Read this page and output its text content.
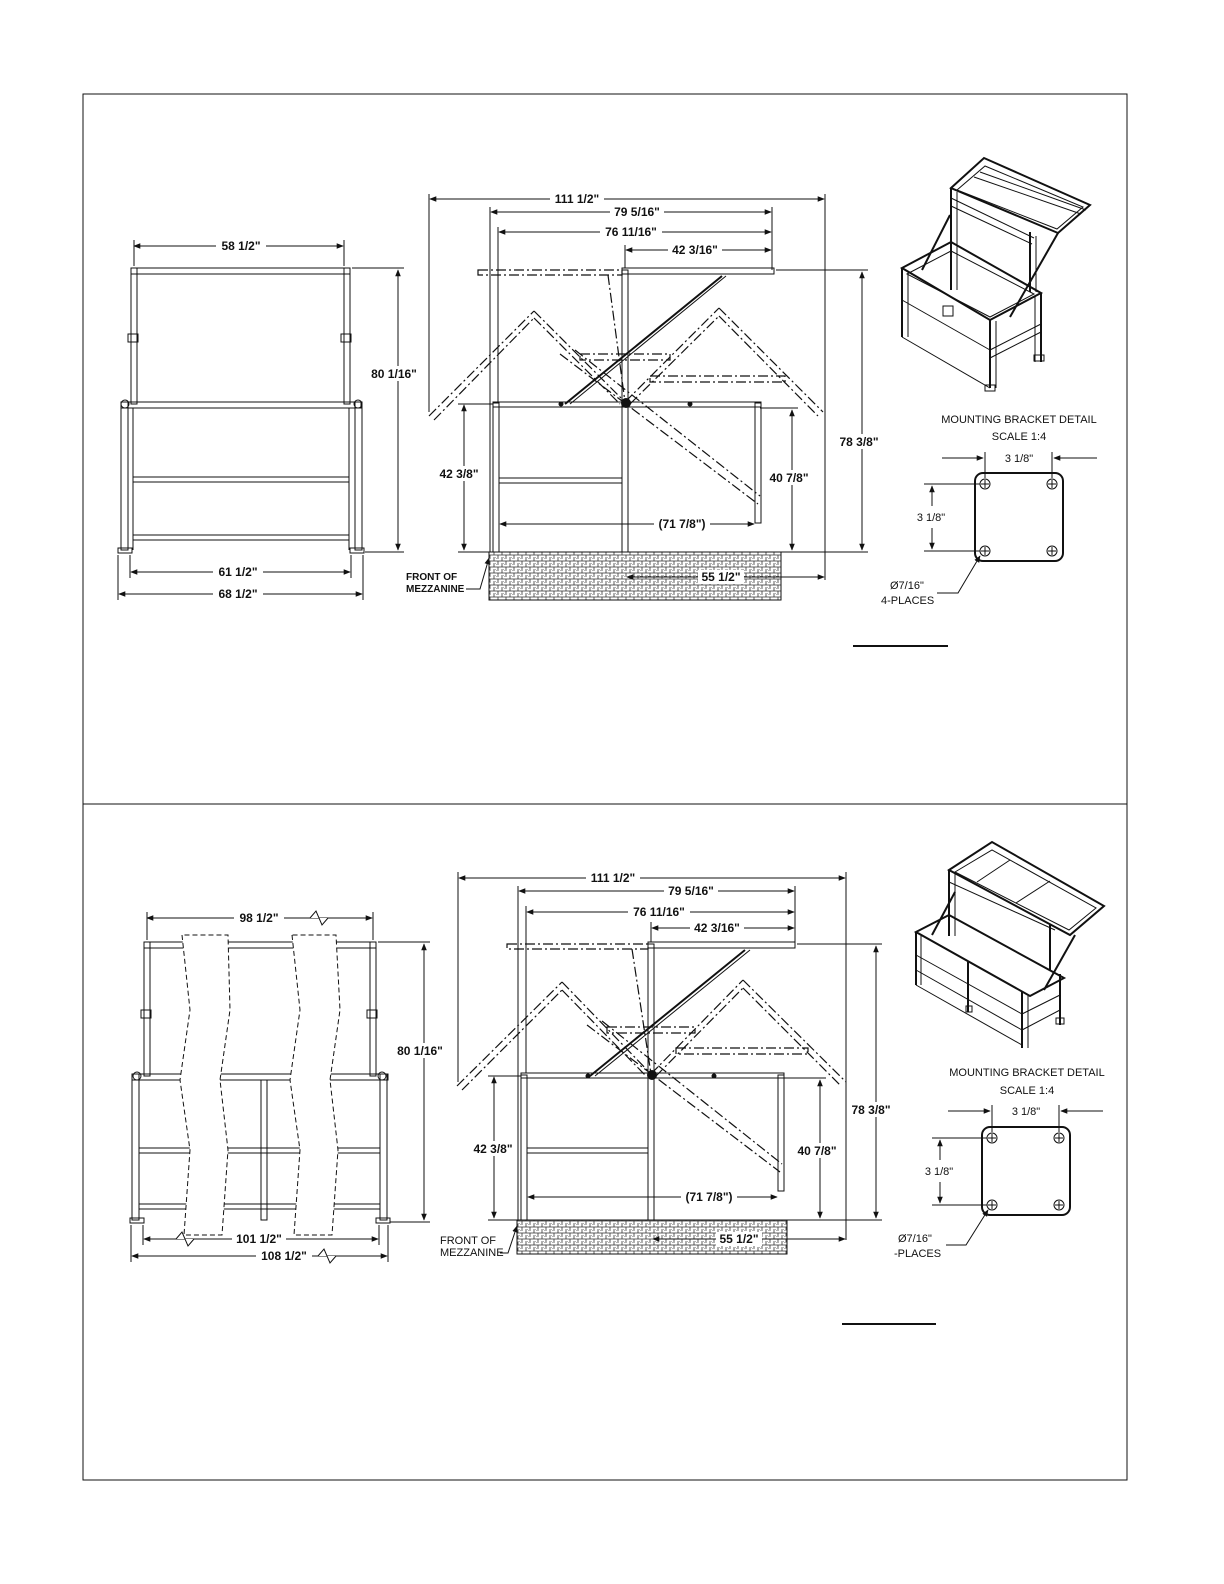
58 1/2"
80 1/16"
61 1/2"
68 1/2"
111 1/2"
79 5/16"
76 11/16"
42 3/16"
42 3/8"	40 7/8"
78 3/8"
(71 7/8")
55 1/2"
FRONT OF
MEZZANINE
MOUNTING BRACKET DETAIL
SCALE 1:4
3 1/8"
3 1/8"
Ø7/16"
4-PLACES
98 1/2"
80 1/16"
101 1/2"
108 1/2"
111 1/2"
79 5/16"
76 11/16"
42 3/16"
42 3/8"	40 7/8"
78 3/8"
(71 7/8")
55 1/2"
FRONT OF
MEZZANINE
MOUNTING BRACKET DETAIL
SCALE 1:4
3 1/8"
3 1/8"
Ø7/16"
-PLACES
